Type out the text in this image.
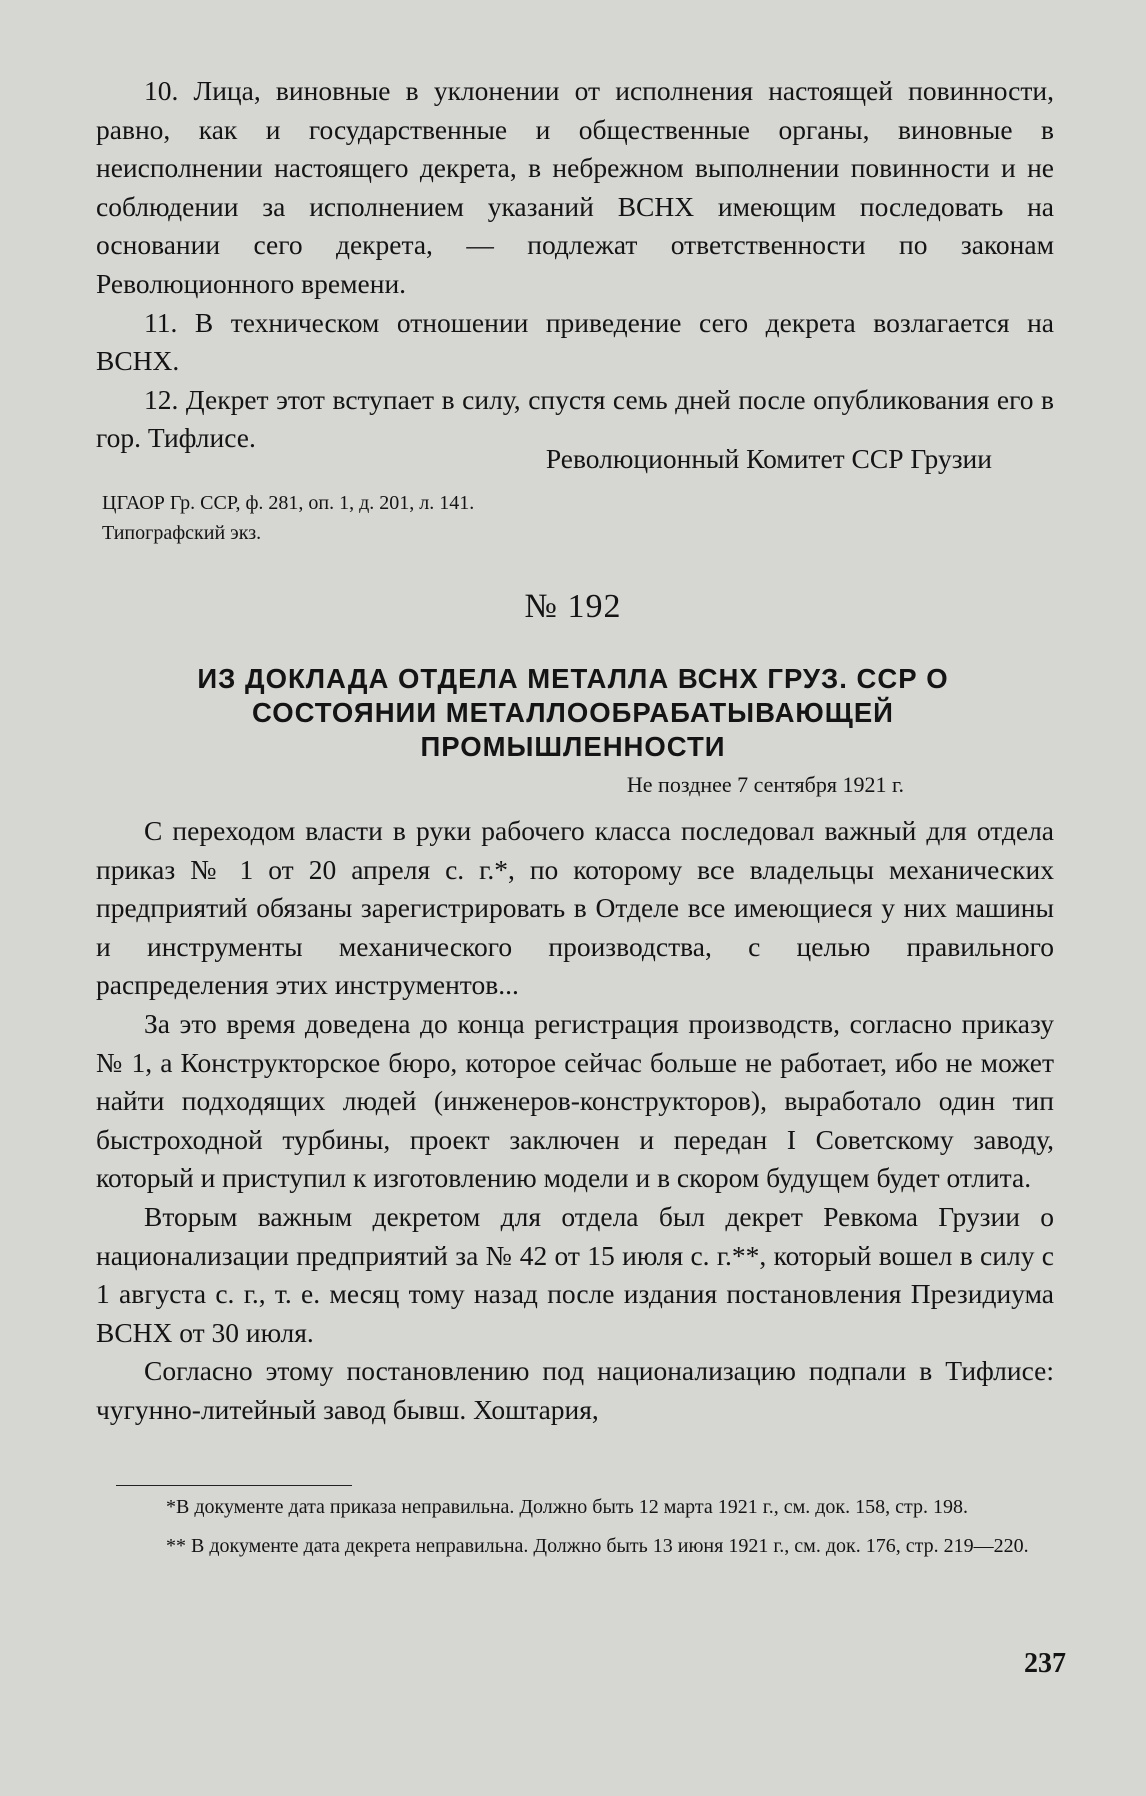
10. Лица, виновные в уклонении от исполнения настоящей повинности, равно, как и государственные и общественные органы, виновные в неисполнении настоящего декрета, в небрежном выполнении повинности и не соблюдении за исполнением указаний ВСНХ имеющим последовать на основании сего декрета, — подлежат ответственности по законам Революционного времени.

11. В техническом отношении приведение сего декрета возлагается на ВСНХ.

12. Декрет этот вступает в силу, спустя семь дней после опубликования его в гор. Тифлисе.

Революционный Комитет ССР Грузии
ЦГАОР Гр. ССР, ф. 281, оп. 1, д. 201, л. 141.
Типографский экз.
№ 192
ИЗ ДОКЛАДА ОТДЕЛА МЕТАЛЛА ВСНХ ГРУЗ. ССР О СОСТОЯНИИ МЕТАЛЛООБРАБАТЫВАЮЩЕЙ ПРОМЫШЛЕННОСТИ
Не позднее 7 сентября 1921 г.

С переходом власти в руки рабочего класса последовал важный для отдела приказ № 1 от 20 апреля с. г.*, по которому все владельцы механических предприятий обязаны зарегистрировать в Отделе все имеющиеся у них машины и инструменты механического производства, с целью правильного распределения этих инструментов...

За это время доведена до конца регистрация производств, согласно приказу № 1, а Конструкторское бюро, которое сейчас больше не работает, ибо не может найти подходящих людей (инженеров-конструкторов), выработало один тип быстроходной турбины, проект заключен и передан I Советскому заводу, который и приступил к изготовлению модели и в скором будущем будет отлита.

Вторым важным декретом для отдела был декрет Ревкома Грузии о национализации предприятий за № 42 от 15 июля с. г.**, который вошел в силу с 1 августа с. г., т. е. месяц тому назад после издания постановления Президиума ВСНХ от 30 июля.

Согласно этому постановлению под национализацию подпали в Тифлисе: чугунно-литейный завод бывш. Хоштария,

*В документе дата приказа неправильна. Должно быть 12 марта 1921 г., см. док. 158, стр. 198.

** В документе дата декрета неправильна. Должно быть 13 июня 1921 г., см. док. 176, стр. 219—220.

237
